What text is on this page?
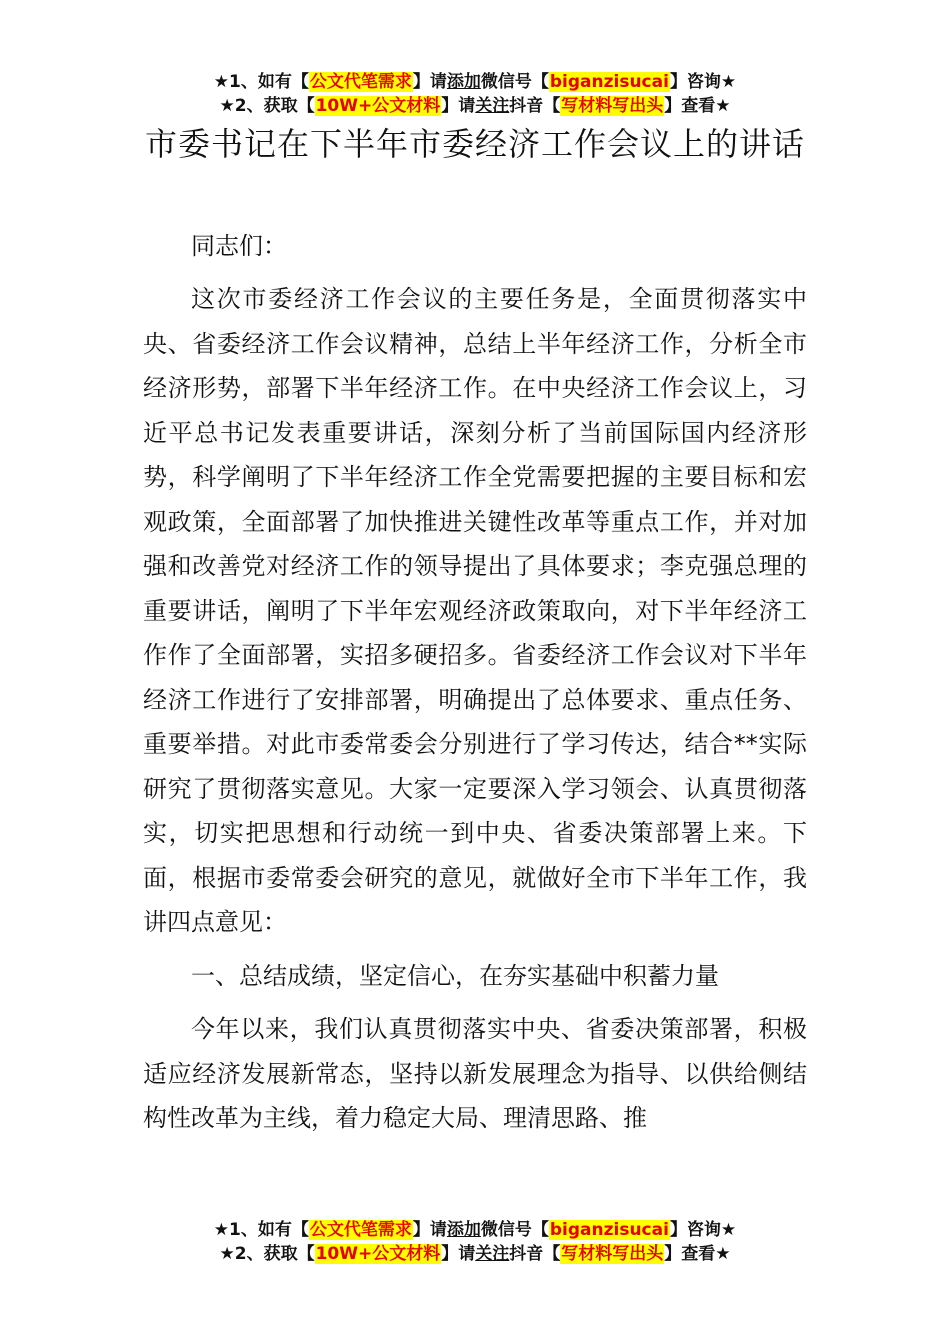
★1、如有【公文代笔需求】请添加微信号【biganzisucai】咨询★
★2、获取【10W+公文材料】请关注抖音【写材料写出头】查看★
市委书记在下半年市委经济工作会议上的讲话

同志们：

这次市委经济工作会议的主要任务是，全面贯彻落实中央、省委经济工作会议精神，总结上半年经济工作，分析全市经济形势，部署下半年经济工作。在中央经济工作会议上，习近平总书记发表重要讲话，深刻分析了当前国际国内经济形势，科学阐明了下半年经济工作全党需要把握的主要目标和宏观政策，全面部署了加快推进关键性改革等重点工作，并对加强和改善党对经济工作的领导提出了具体要求；李克强总理的重要讲话，阐明了下半年宏观经济政策取向，对下半年经济工作作了全面部署，实招多硬招多。省委经济工作会议对下半年经济工作进行了安排部署，明确提出了总体要求、重点任务、重要举措。对此市委常委会分别进行了学习传达，结合**实际研究了贯彻落实意见。大家一定要深入学习领会、认真贯彻落实，切实把思想和行动统一到中央、省委决策部署上来。下面，根据市委常委会研究的意见，就做好全市下半年工作，我讲四点意见：

一、总结成绩，坚定信心，在夯实基础中积蓄力量

今年以来，我们认真贯彻落实中央、省委决策部署，积极适应经济发展新常态，坚持以新发展理念为指导、以供给侧结构性改革为主线，着力稳定大局、理清思路、推

★1、如有【公文代笔需求】请添加微信号【biganzisucai】咨询★
★2、获取【10W+公文材料】请关注抖音【写材料写出头】查看★
